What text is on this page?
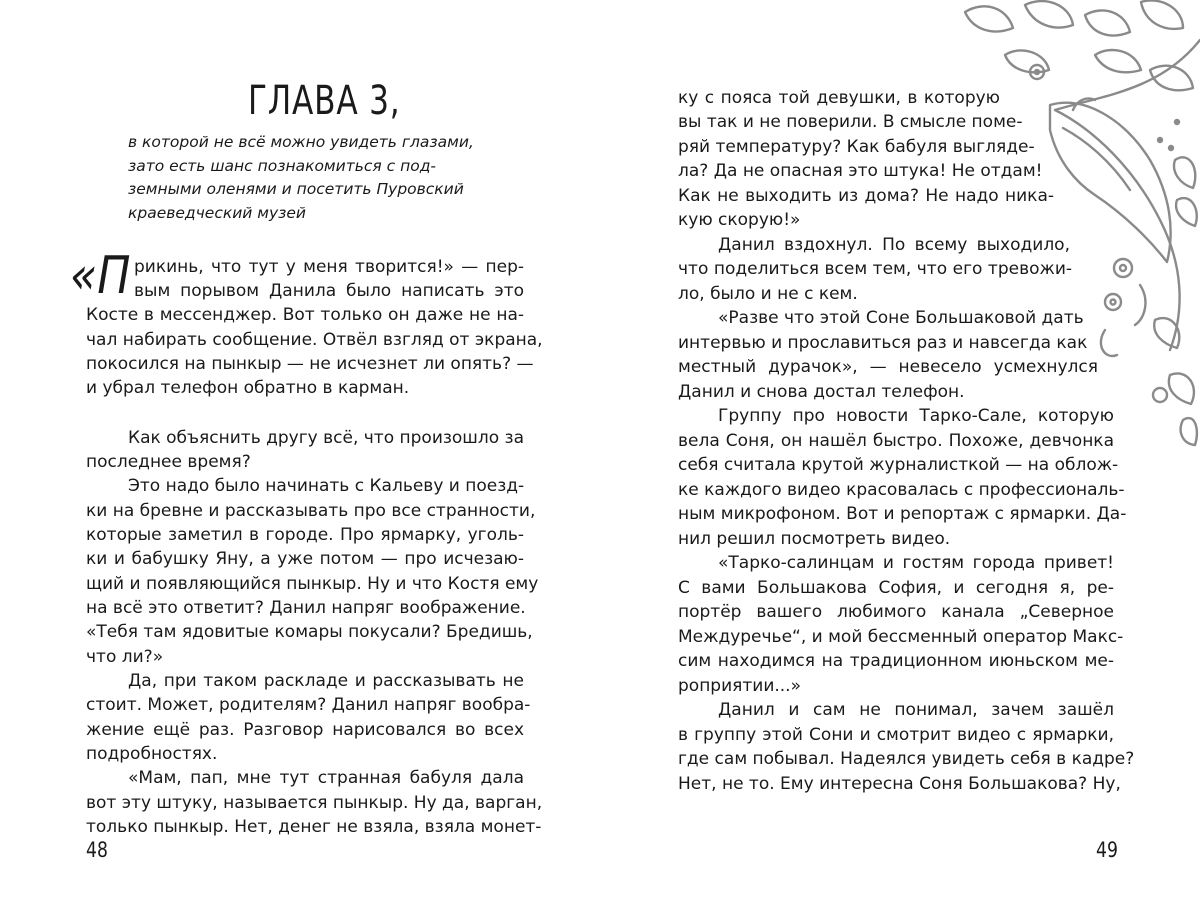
ГЛАВА 3,
в которой не всё можно увидеть глазами,
зато есть шанс познакомиться с под-
земными оленями и посетить Пуровский
краеведческий музей
«П рикинь, что тут у меня творится!» — пер-
вым порывом Данила было написать это
Косте в мессенджер. Вот только он даже не на-
чал набирать сообщение. Отвёл взгляд от экрана,
покосился на пынкыр — не исчезнет ли опять? —
и убрал телефон обратно в карман.
Как объяснить другу всё, что произошло за
последнее время?
Это надо было начинать с Кальеву и поезд-
ки на бревне и рассказывать про все странности,
которые заметил в городе. Про ярмарку, уголь-
ки и бабушку Яну, а уже потом — про исчезаю-
щий и появляющийся пынкыр. Ну и что Костя ему
на всё это ответит? Данил напряг воображение.
«Тебя там ядовитые комары покусали? Бредишь,
что ли?»
Да, при таком раскладе и рассказывать не
стоит. Может, родителям? Данил напряг вообра-
жение ещё раз. Разговор нарисовался во всех
подробностях.
«Мам, пап, мне тут странная бабуля дала
вот эту штуку, называется пынкыр. Ну да, варган,
только пынкыр. Нет, денег не взяла, взяла монет-
48
ку с пояса той девушки, в которую
вы так и не поверили. В смысле поме-
ряй температуру? Как бабуля выгляде-
ла? Да не опасная это штука! Не отдам!
Как не выходить из дома? Не надо ника-
кую скорую!»
Данил вздохнул. По всему выходило,
что поделиться всем тем, что его тревожи-
ло, было и не с кем.
«Разве что этой Соне Большаковой дать
интервью и прославиться раз и навсегда как
местный дурачок», — невесело усмехнулся
Данил и снова достал телефон.
Группу про новости Тарко-Сале, которую
вела Соня, он нашёл быстро. Похоже, девчонка
себя считала крутой журналисткой — на облож-
ке каждого видео красовалась с профессиональ-
ным микрофоном. Вот и репортаж с ярмарки. Да-
нил решил посмотреть видео.
«Тарко-салинцам и гостям города привет!
С вами Большакова София, и сегодня я, ре-
портёр вашего любимого канала „Северное
Междуречье“, и мой бессменный оператор Макс-
сим находимся на традиционном июньском ме-
роприятии...»
Данил и сам не понимал, зачем зашёл
в группу этой Сони и смотрит видео с ярмарки,
где сам побывал. Надеялся увидеть себя в кадре?
Нет, не то. Ему интересна Соня Большакова? Ну,
49
